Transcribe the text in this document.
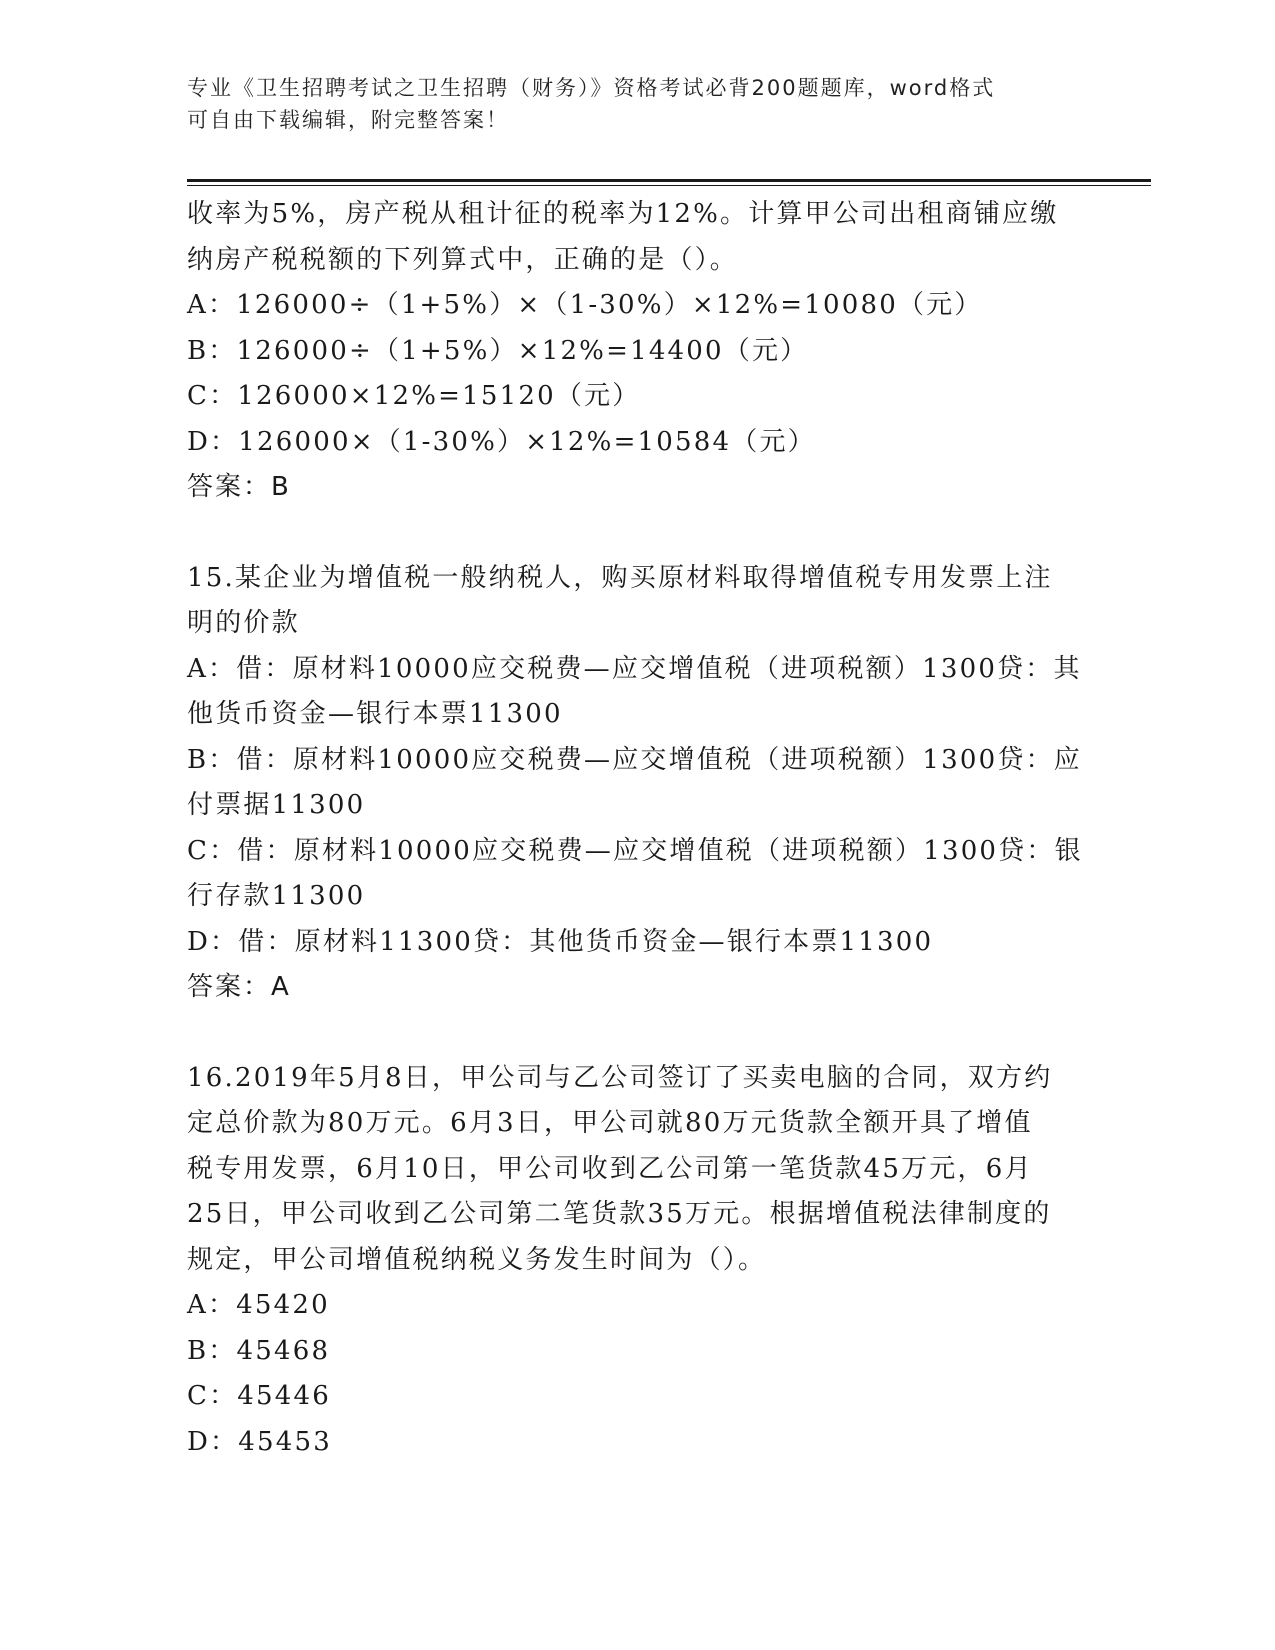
专业《卫生招聘考试之卫生招聘（财务）》资格考试必背200题题库，word格式
可自由下载编辑，附完整答案！

收率为5%，房产税从租计征的税率为12%。计算甲公司出租商铺应缴

纳房产税税额的下列算式中，正确的是（）。

A：126000÷（1+5%）×（1-30%）×12%=10080（元）

B：126000÷（1+5%）×12%=14400（元）

C：126000×12%=15120（元）

D：126000×（1-30%）×12%=10584（元）

答案：B

15.某企业为增值税一般纳税人，购买原材料取得增值税专用发票上注

明的价款

A：借：原材料10000应交税费—应交增值税（进项税额）1300贷：其

他货币资金—银行本票11300

B：借：原材料10000应交税费—应交增值税（进项税额）1300贷：应

付票据11300

C：借：原材料10000应交税费—应交增值税（进项税额）1300贷：银

行存款11300

D：借：原材料11300贷：其他货币资金—银行本票11300

答案：A

16.2019年5月8日，甲公司与乙公司签订了买卖电脑的合同，双方约

定总价款为80万元。6月3日，甲公司就80万元货款全额开具了增值

税专用发票，6月10日，甲公司收到乙公司第一笔货款45万元，6月

25日，甲公司收到乙公司第二笔货款35万元。根据增值税法律制度的

规定，甲公司增值税纳税义务发生时间为（）。

A：45420

B：45468

C：45446

D：45453
